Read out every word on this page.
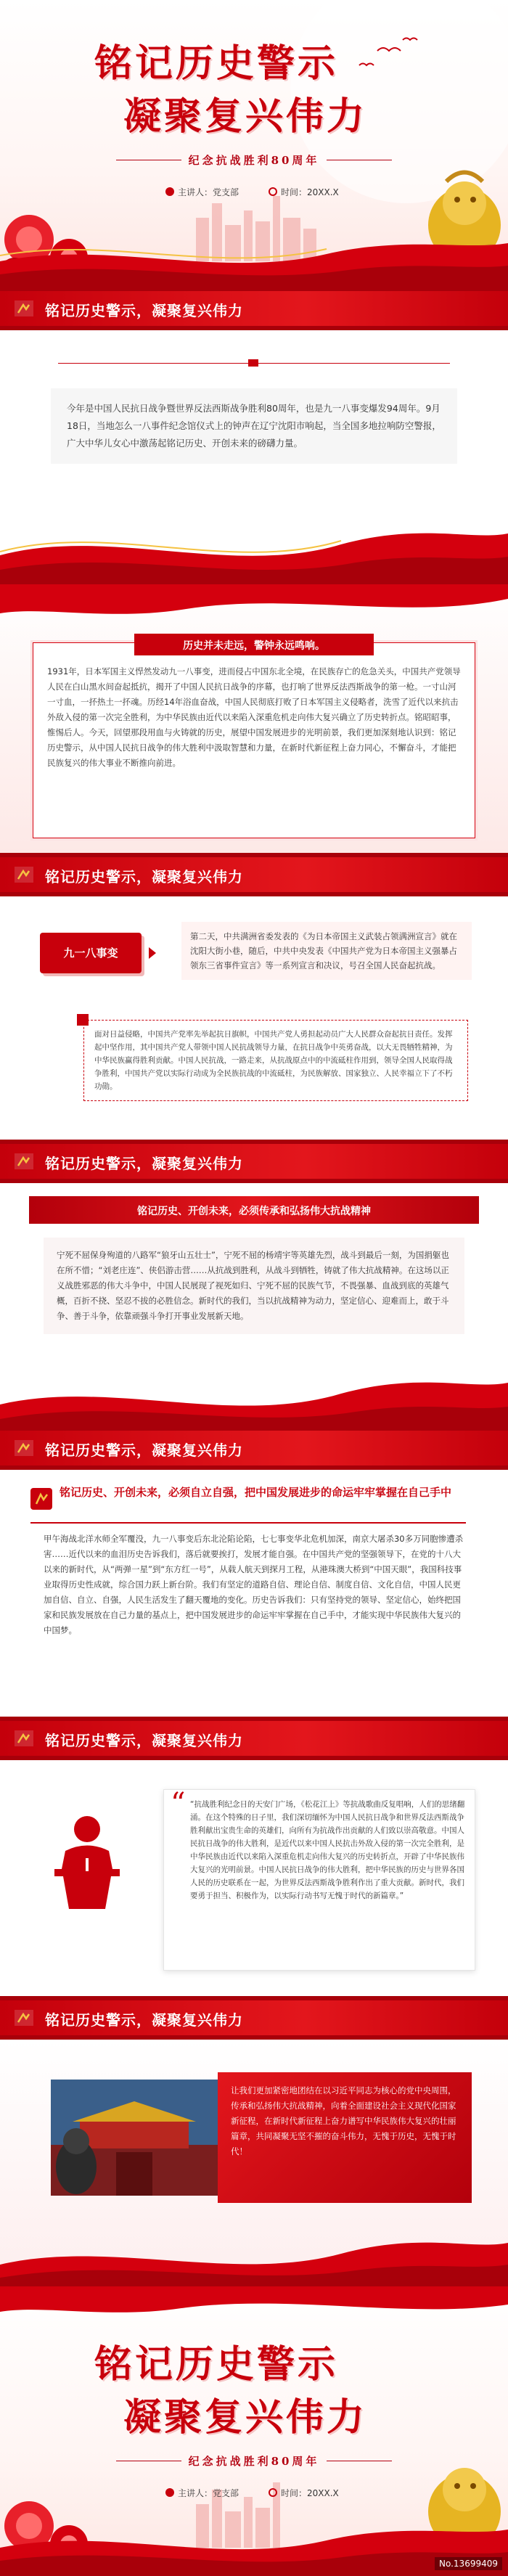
铭记历史警示
凝聚复兴伟力
纪念抗战胜利80周年
主讲人：党支部	时间：20XX.X
铭记历史警示，凝聚复兴伟力
今年是中国人民抗日战争暨世界反法西斯战争胜利80周年，也是九一八事变爆发94周年。9月18日，当地怎么一八事件纪念馆仪式上的钟声在辽宁沈阳市响起，当全国多地拉响防空警报，广大中华儿女心中激荡起铭记历史、开创未来的磅礴力量。
历史并未走远，警钟永远鸣响。
1931年，日本军国主义悍然发动九一八事变，进而侵占中国东北全境，在民族存亡的危急关头，中国共产党领导人民在白山黑水间奋起抵抗，揭开了中国人民抗日战争的序幕，也打响了世界反法西斯战争的第一枪。一寸山河一寸血，一抔热土一抔魂。历经14年浴血奋战，中国人民彻底打败了日本军国主义侵略者，洗雪了近代以来抗击外敌入侵的第一次完全胜利，为中华民族由近代以来陷入深重危机走向伟大复兴确立了历史转折点。铭昭昭事，惟惕后人。今天，回望那段用血与火铸就的历史，展望中国发展进步的光明前景，我们更加深刻地认识到：铭记历史警示，从中国人民抗日战争的伟大胜利中汲取智慧和力量，在新时代新征程上奋力同心，不懈奋斗，才能把民族复兴的伟大事业不断推向前进。
铭记历史警示，凝聚复兴伟力
九一八事变
第二天，中共满洲省委发表的《为日本帝国主义武装占领满洲宣言》就在沈阳大街小巷，随后，中共中央发表《中国共产党为日本帝国主义强暴占领东三省事件宣言》等一系列宣言和决议，号召全国人民奋起抗战。
面对日益侵略，中国共产党率先举起抗日旗帜，中国共产党人勇担起动员广大人民群众奋起抗日责任。发挥起中坚作用，其中国共产党人带领中国人民抗战领导力量，在抗日战争中英勇奋战，以大无畏牺牲精神，为中华民族赢得胜利贡献。中国人民抗战，一路走来，从抗战原点中的中流砥柱作用到，领导全国人民取得战争胜利，中国共产党以实际行动成为全民族抗战的中流砥柱，为民族解放、国家独立、人民幸福立下了不朽功勋。
铭记历史警示，凝聚复兴伟力
铭记历史、开创未来，必须传承和弘扬伟大抗战精神
宁死不屈保身殉道的八路军“狼牙山五壮士”，宁死不屈的杨靖宇等英雄先烈，战斗到最后一刻，为国捐躯也在所不惜；“刘老庄连”、侠侣游击营……从抗战到胜利，从战斗到牺牲，铸就了伟大抗战精神。在这场以正义战胜邪恶的伟大斗争中，中国人民展现了视死如归、宁死不屈的民族气节，不畏强暴、血战到底的英雄气概，百折不挠、坚忍不拔的必胜信念。新时代的我们，当以抗战精神为动力，坚定信心、迎难而上，敢于斗争、善于斗争，依靠顽强斗争打开事业发展新天地。
铭记历史警示，凝聚复兴伟力
铭记历史、开创未来，必须自立自强，把中国发展进步的命运牢牢掌握在自己手中
甲午海战北洋水师全军覆没，九一八事变后东北沦陷论陷，七七事变华北危机加深，南京大屠杀30多万同胞惨遭杀害……近代以来的血泪历史告诉我们，落后就要挨打，发展才能自强。在中国共产党的坚强领导下，在党的十八大以来的新时代，从“两弹一星”到“东方红一号”，从载人航天到探月工程，从港珠澳大桥到“中国天眼”，我国科技事业取得历史性成就，综合国力跃上新台阶。我们有坚定的道路自信、理论自信、制度自信、文化自信，中国人民更加自信、自立、自强，人民生活发生了翻天覆地的变化。历史告诉我们：只有坚持党的领导、坚定信心，始终把国家和民族发展放在自己力量的基点上，把中国发展进步的命运牢牢掌握在自己手中，才能实现中华民族伟大复兴的中国梦。
铭记历史警示，凝聚复兴伟力
“ “抗战胜利纪念日的天安门广场，《松花江上》等抗战歌曲反复唱响，人们的思绪翻涌。在这个特殊的日子里，我们深切缅怀为中国人民抗日战争和世界反法西斯战争胜利献出宝贵生命的英雄们，向所有为抗战作出贡献的人们致以崇高敬意。中国人民抗日战争的伟大胜利，是近代以来中国人民抗击外敌入侵的第一次完全胜利，是中华民族由近代以来陷入深重危机走向伟大复兴的历史转折点，开辟了中华民族伟大复兴的光明前景。中国人民抗日战争的伟大胜利，把中华民族的历史与世界各国人民的历史联系在一起，为世界反法西斯战争胜利作出了重大贡献。新时代，我们要勇于担当、积极作为，以实际行动书写无愧于时代的新篇章。”
铭记历史警示，凝聚复兴伟力
让我们更加紧密地团结在以习近平同志为核心的党中央周围，传承和弘扬伟大抗战精神，向着全面建设社会主义现代化国家新征程，在新时代新征程上奋力谱写中华民族伟大复兴的壮丽篇章，共同凝聚无坚不摧的奋斗伟力，无愧于历史，无愧于时代！
铭记历史警示
凝聚复兴伟力
纪念抗战胜利80周年
主讲人：党支部	时间：20XX.X
No.13699409
